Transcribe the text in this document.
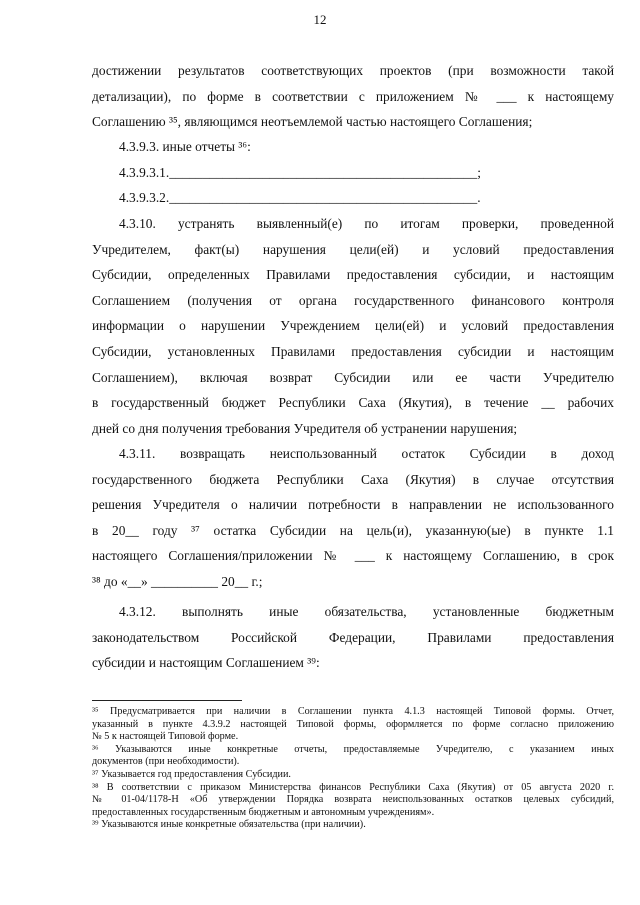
12
достижении результатов соответствующих проектов (при возможности такой
детализации), по форме в соответствии с приложением № ___ к настоящему
Соглашению ³⁵, являющимся неотъемлемой частью настоящего Соглашения;
4.3.9.3. иные отчеты ³⁶:
4.3.9.3.1.______________________________________________;
4.3.9.3.2.______________________________________________.
4.3.10. устранять выявленный(е) по итогам проверки, проведенной
Учредителем, факт(ы) нарушения цели(ей) и условий предоставления
Субсидии, определенных Правилами предоставления субсидии, и настоящим
Соглашением (получения от органа государственного финансового контроля
информации о нарушении Учреждением цели(ей) и условий предоставления
Субсидии, установленных Правилами предоставления субсидии и настоящим
Соглашением), включая возврат Субсидии или ее части Учредителю
в государственный бюджет Республики Саха (Якутия), в течение __ рабочих
дней со дня получения требования Учредителя об устранении нарушения;
4.3.11. возвращать неиспользованный остаток Субсидии в доход
государственного бюджета Республики Саха (Якутия) в случае отсутствия
решения Учредителя о наличии потребности в направлении не использованного
в 20__ году ³⁷ остатка Субсидии на цель(и), указанную(ые) в пункте 1.1
настоящего Соглашения/приложении № ___ к настоящему Соглашению, в срок
³⁸ до «__» __________ 20__ г.;
4.3.12. выполнять иные обязательства, установленные бюджетным
законодательством Российской Федерации, Правилами предоставления
субсидии и настоящим Соглашением ³⁹:
³⁵ Предусматривается при наличии в Соглашении пункта 4.1.3 настоящей Типовой формы. Отчет,
указанный в пункте 4.3.9.2 настоящей Типовой формы, оформляется по форме согласно приложению
№ 5 к настоящей Типовой форме.
³⁶ Указываются иные конкретные отчеты, предоставляемые Учредителю, с указанием иных
документов (при необходимости).
³⁷ Указывается год предоставления Субсидии.
³⁸ В соответствии с приказом Министерства финансов Республики Саха (Якутия) от 05 августа 2020 г.
№ 01-04/1178-Н «Об утверждении Порядка возврата неиспользованных остатков целевых субсидий,
предоставленных государственным бюджетным и автономным учреждениям».
³⁹ Указываются иные конкретные обязательства (при наличии).
